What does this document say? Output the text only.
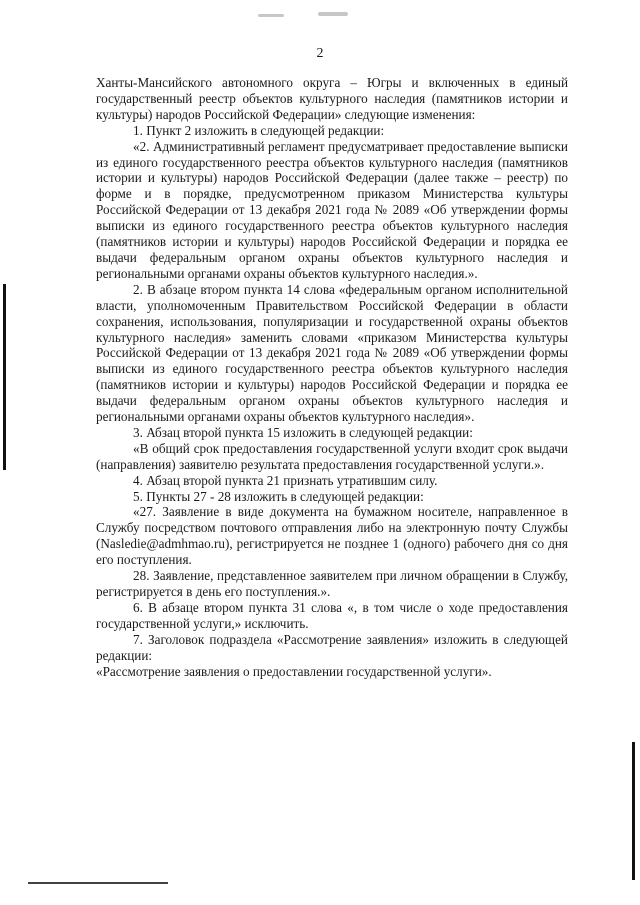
2

Ханты-Мансийского автономного округа – Югры и включенных в единый государственный реестр объектов культурного наследия (памятников истории и культуры) народов Российской Федерации» следующие изменения:

1. Пункт 2 изложить в следующей редакции:

«2. Административный регламент предусматривает предоставление выписки из единого государственного реестра объектов культурного наследия (памятников истории и культуры) народов Российской Федерации (далее также – реестр) по форме и в порядке, предусмотренном приказом Министерства культуры Российской Федерации от 13 декабря 2021 года № 2089 «Об утверждении формы выписки из единого государственного реестра объектов культурного наследия (памятников истории и культуры) народов Российской Федерации и порядка ее выдачи федеральным органом охраны объектов культурного наследия и региональными органами охраны объектов культурного наследия.».

2. В абзаце втором пункта 14 слова «федеральным органом исполнительной власти, уполномоченным Правительством Российской Федерации в области сохранения, использования, популяризации и государственной охраны объектов культурного наследия» заменить словами «приказом Министерства культуры Российской Федерации от 13 декабря 2021 года № 2089 «Об утверждении формы выписки из единого государственного реестра объектов культурного наследия (памятников истории и культуры) народов Российской Федерации и порядка ее выдачи федеральным органом охраны объектов культурного наследия и региональными органами охраны объектов культурного наследия».

3. Абзац второй пункта 15 изложить в следующей редакции:

«В общий срок предоставления государственной услуги входит срок выдачи (направления) заявителю результата предоставления государственной услуги.».

4. Абзац второй пункта 21 признать утратившим силу.

5. Пункты 27 - 28 изложить в следующей редакции:

«27. Заявление в виде документа на бумажном носителе, направленное в Службу посредством почтового отправления либо на электронную почту Службы (Nasledie@admhmao.ru), регистрируется не позднее 1 (одного) рабочего дня со дня его поступления.

28. Заявление, представленное заявителем при личном обращении в Службу, регистрируется в день его поступления.».

6. В абзаце втором пункта 31 слова «, в том числе о ходе предоставления государственной услуги,» исключить.

7. Заголовок подраздела «Рассмотрение заявления» изложить в следующей редакции:

«Рассмотрение заявления о предоставлении государственной услуги».
